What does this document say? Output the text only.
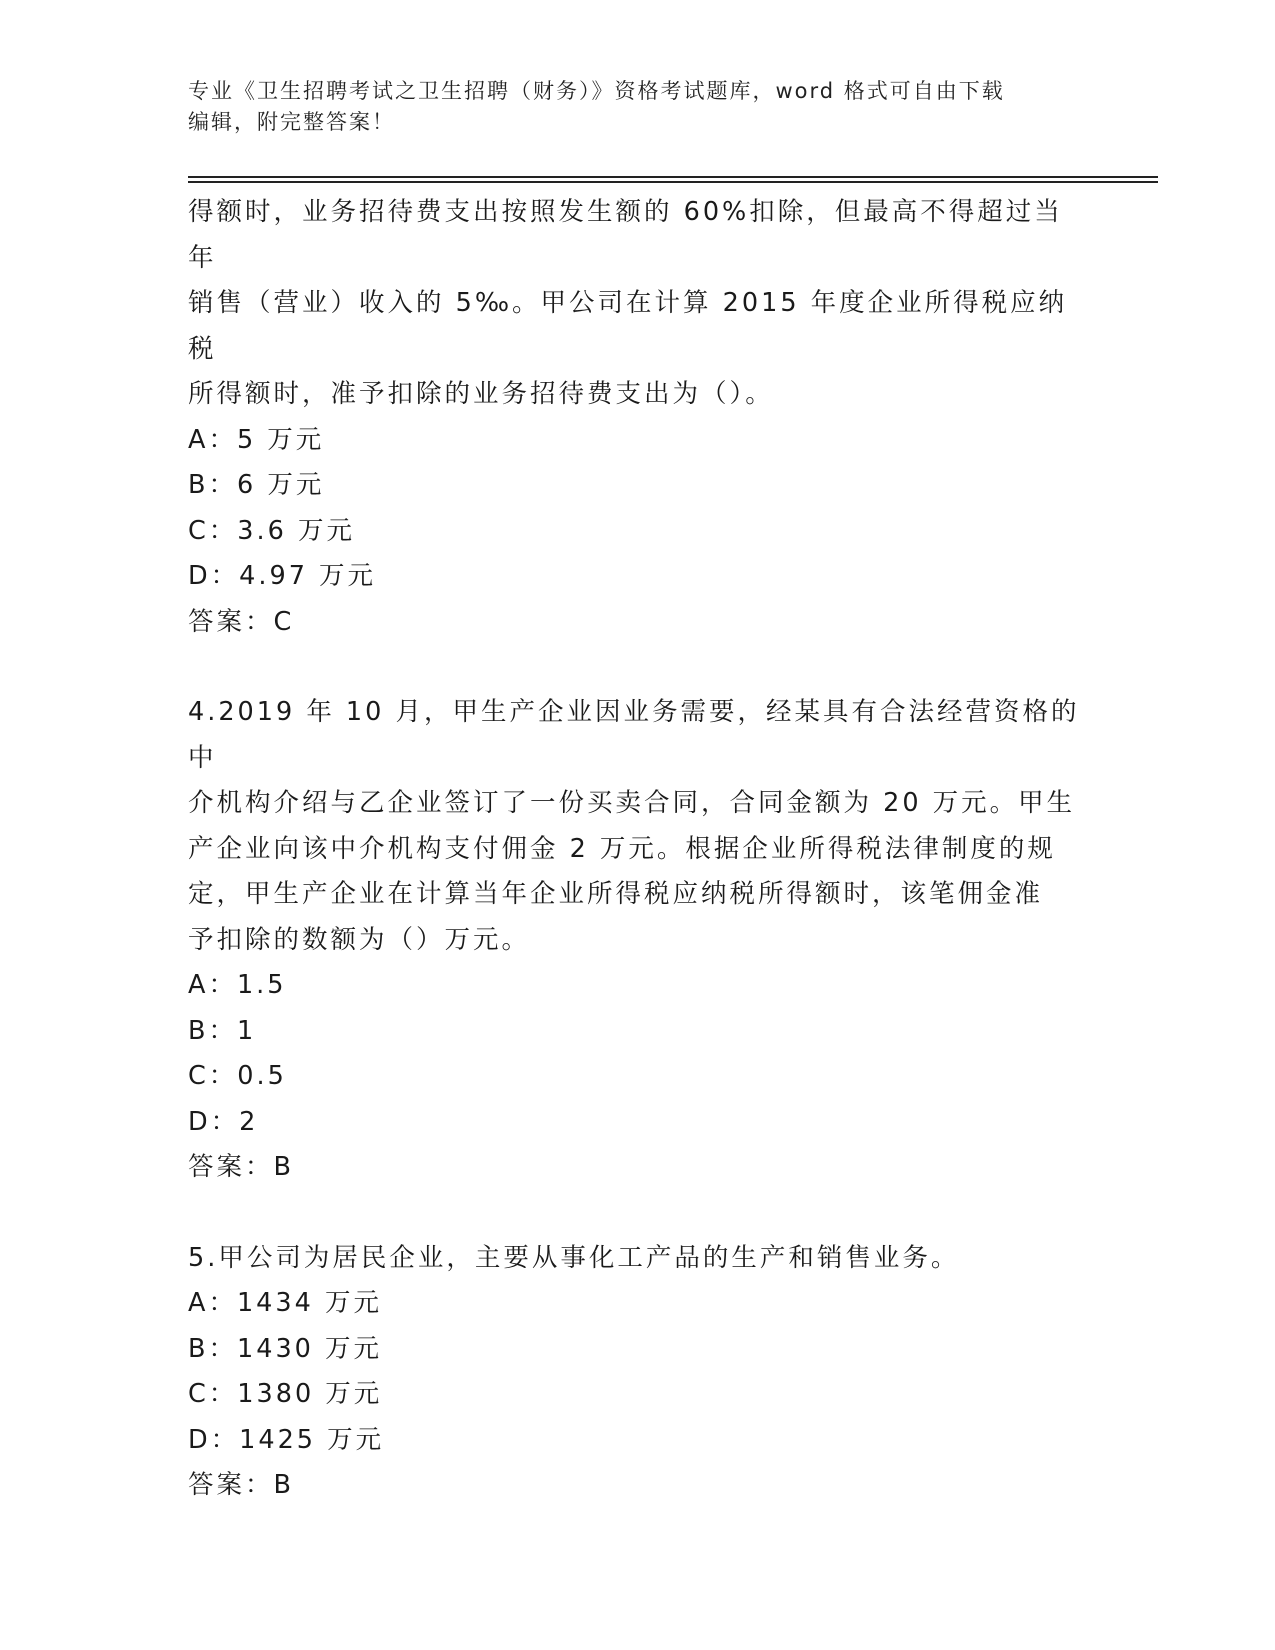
专业《卫生招聘考试之卫生招聘（财务）》资格考试题库，word 格式可自由下载
编辑，附完整答案！
得额时，业务招待费支出按照发生额的 60%扣除，但最高不得超过当年
销售（营业）收入的 5‰。甲公司在计算 2015 年度企业所得税应纳税
所得额时，准予扣除的业务招待费支出为（）。
A：5 万元
B：6 万元
C：3.6 万元
D：4.97 万元
答案：C
4.2019 年 10 月，甲生产企业因业务需要，经某具有合法经营资格的中
介机构介绍与乙企业签订了一份买卖合同，合同金额为 20 万元。甲生
产企业向该中介机构支付佣金 2 万元。根据企业所得税法律制度的规
定，甲生产企业在计算当年企业所得税应纳税所得额时，该笔佣金准
予扣除的数额为（）万元。
A：1.5
B：1
C：0.5
D：2
答案：B
5.甲公司为居民企业，主要从事化工产品的生产和销售业务。
A：1434 万元
B：1430 万元
C：1380 万元
D：1425 万元
答案：B
